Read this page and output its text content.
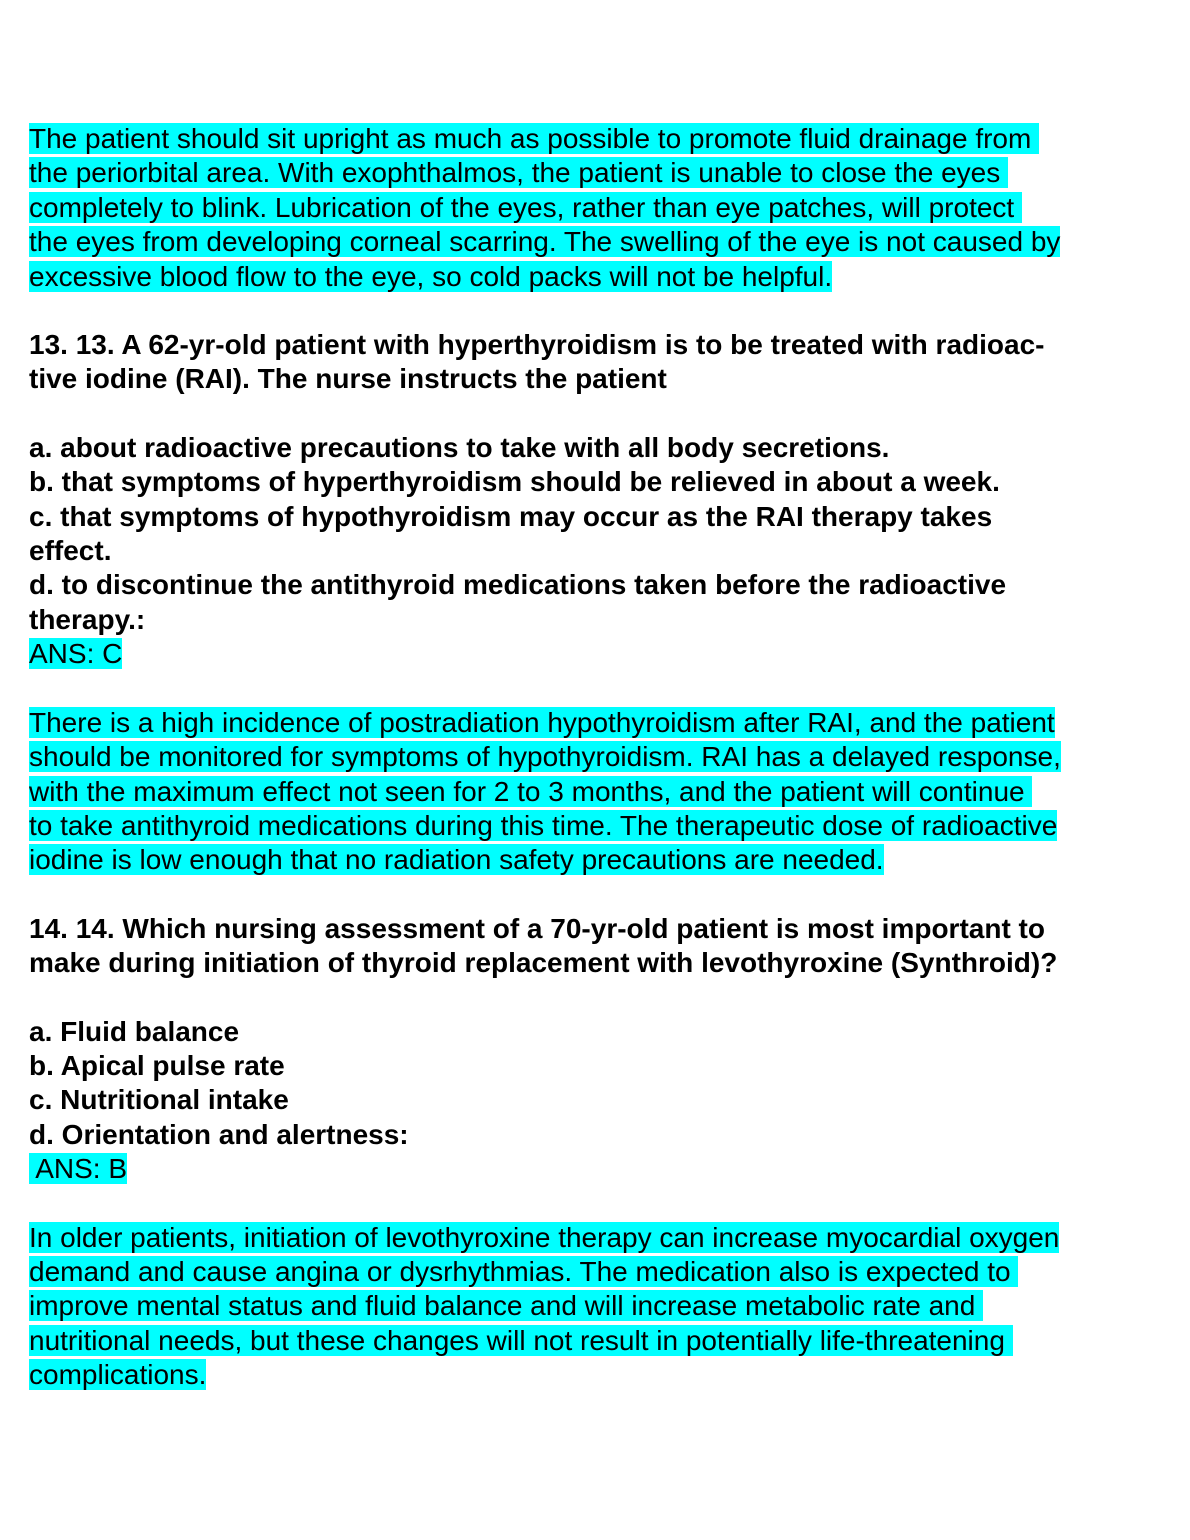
The patient should sit upright as much as possible to promote fluid drainage from
the periorbital area. With exophthalmos, the patient is unable to close the eyes
completely to blink. Lubrication of the eyes, rather than eye patches, will protect
the eyes from developing corneal scarring. The swelling of the eye is not caused by
excessive blood flow to the eye, so cold packs will not be helpful.
13. 13. A 62-yr-old patient with hyperthyroidism is to be treated with radioac-
tive iodine (RAI). The nurse instructs the patient
a. about radioactive precautions to take with all body secretions.
b. that symptoms of hyperthyroidism should be relieved in about a week.
c. that symptoms of hypothyroidism may occur as the RAI therapy takes
effect.
d. to discontinue the antithyroid medications taken before the radioactive
therapy.:
ANS: C
There is a high incidence of postradiation hypothyroidism after RAI, and the patient
should be monitored for symptoms of hypothyroidism. RAI has a delayed response,
with the maximum effect not seen for 2 to 3 months, and the patient will continue
to take antithyroid medications during this time. The therapeutic dose of radioactive
iodine is low enough that no radiation safety precautions are needed.
14. 14. Which nursing assessment of a 70-yr-old patient is most important to
make during initiation of thyroid replacement with levothyroxine (Synthroid)?
a. Fluid balance
b. Apical pulse rate
c. Nutritional intake
d. Orientation and alertness:
ANS: B
In older patients, initiation of levothyroxine therapy can increase myocardial oxygen
demand and cause angina or dysrhythmias. The medication also is expected to
improve mental status and fluid balance and will increase metabolic rate and
nutritional needs, but these changes will not result in potentially life-threatening
complications.
